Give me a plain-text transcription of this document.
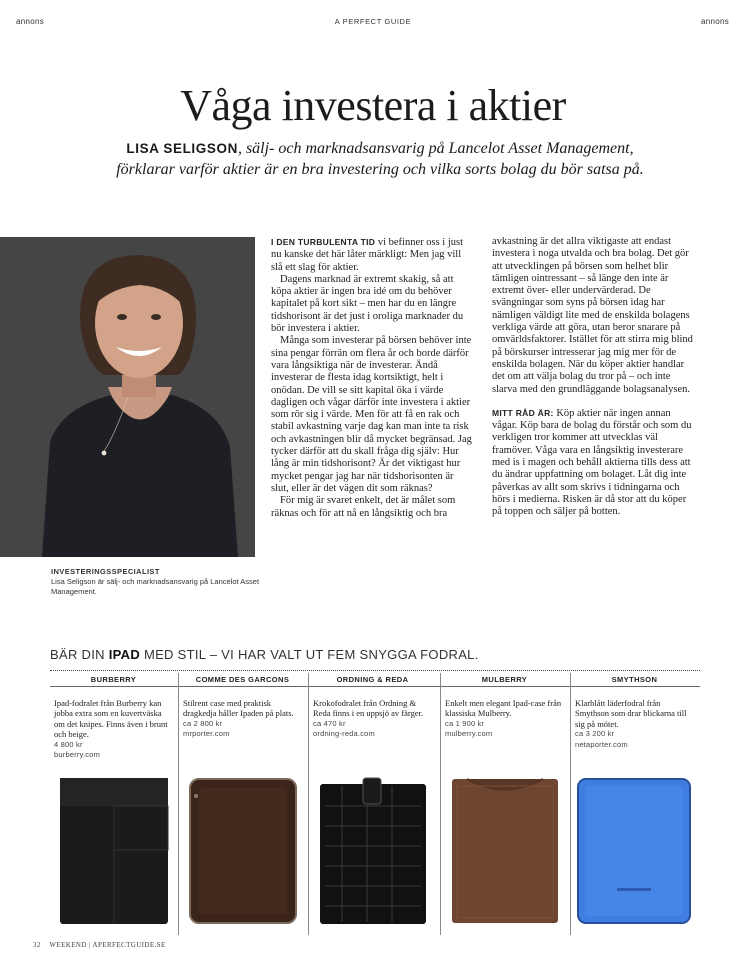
annons	A PERFECT GUIDE	annons
Våga investera i aktier
LISA SELIGSON, sälj- och marknadsansvarig på Lancelot Asset Management,
förklarar varför aktier är en bra investering och vilka sorts bolag du bör satsa på.
INVESTERINGSSPECIALIST
Lisa Seligson är sälj- och marknadsansvarig på Lancelot Asset Management.

I DEN TURBULENTA TID vi befinner oss i just nu kanske det här låter märkligt: Men jag vill slå ett slag för aktier.

Dagens marknad är extremt skakig, så att köpa aktier är ingen bra idé om du behöver kapitalet på kort sikt – men har du en längre tidshorisont är det just i oroliga marknader du bör investera i aktier.

Många som investerar på börsen behöver inte sina pengar förrän om flera år och borde därför vara långsiktiga när de investerar. Ändå investerar de flesta idag kortsiktigt, helt i onödan. De vill se sitt kapital öka i värde dagligen och vågar därför inte investera i aktier som rör sig i värde. Men för att få en rak och stabil avkastning varje dag kan man inte ta risk och avkastningen blir då mycket begränsad. Jag tycker därför att du skall fråga dig själv: Hur lång är min tidshorisont? Är det viktigast hur mycket pengar jag har när tidshorisonten är slut, eller är det vägen dit som räknas?

För mig är svaret enkelt, det är målet som räknas och för att nå en långsiktig och bra

avkastning är det allra viktigaste att endast investera i noga utvalda och bra bolag. Det gör att utvecklingen på börsen som helhet blir tämligen ointressant – så länge den inte är extremt över- eller undervärderad. De svängningar som syns på börsen idag har nämligen väldigt lite med de enskilda bolagens verkliga värde att göra, utan beror snarare på omvärldsfaktorer. Istället för att stirra mig blind på börskurser intresserar jag mig mer för de enskilda bolagen. När du köper aktier handlar det om att välja bolag du tror på – och inte slarva med den grundläggande bolagsanalysen.

MITT RÅD ÄR: Köp aktier när ingen annan vågar. Köp bara de bolag du förstår och som du verkligen tror kommer att utvecklas väl framöver. Våga vara en långsiktig investerare med is i magen och behåll aktierna tills dess att du ändrar uppfattning om bolaget. Låt dig inte påverkas av allt som skrivs i tidningarna och hörs i medierna. Risken är då stor att du köper på toppen och säljer på botten.

BÄR DIN IPAD MED STIL – VI HAR VALT UT FEM SNYGGA FODRAL.
BURBERRY
Ipad-fodralet från Burberry kan jobba extra som en kuvertväska om det knipes. Finns även i brunt och beige.
4 800 kr
burberry.com
COMME DES GARCONS
Stilrent case med praktisk dragkedja håller Ipaden på plats.
ca 2 800 kr
mrporter.com
ORDNING & REDA
Krokofodralet från Ordning & Reda finns i en uppsjö av färger.
ca 470 kr
ordning-reda.com
MULBERRY
Enkelt men elegant Ipad-case från klassiska Mulberry.
ca 1 900 kr
mulberry.com
SMYTHSON
Klarblått läderfodral från Smythson som drar blickarna till sig på mötet.
ca 3 200 kr
netaporter.com
32 WEEKEND | APERFECTGUIDE.SE
